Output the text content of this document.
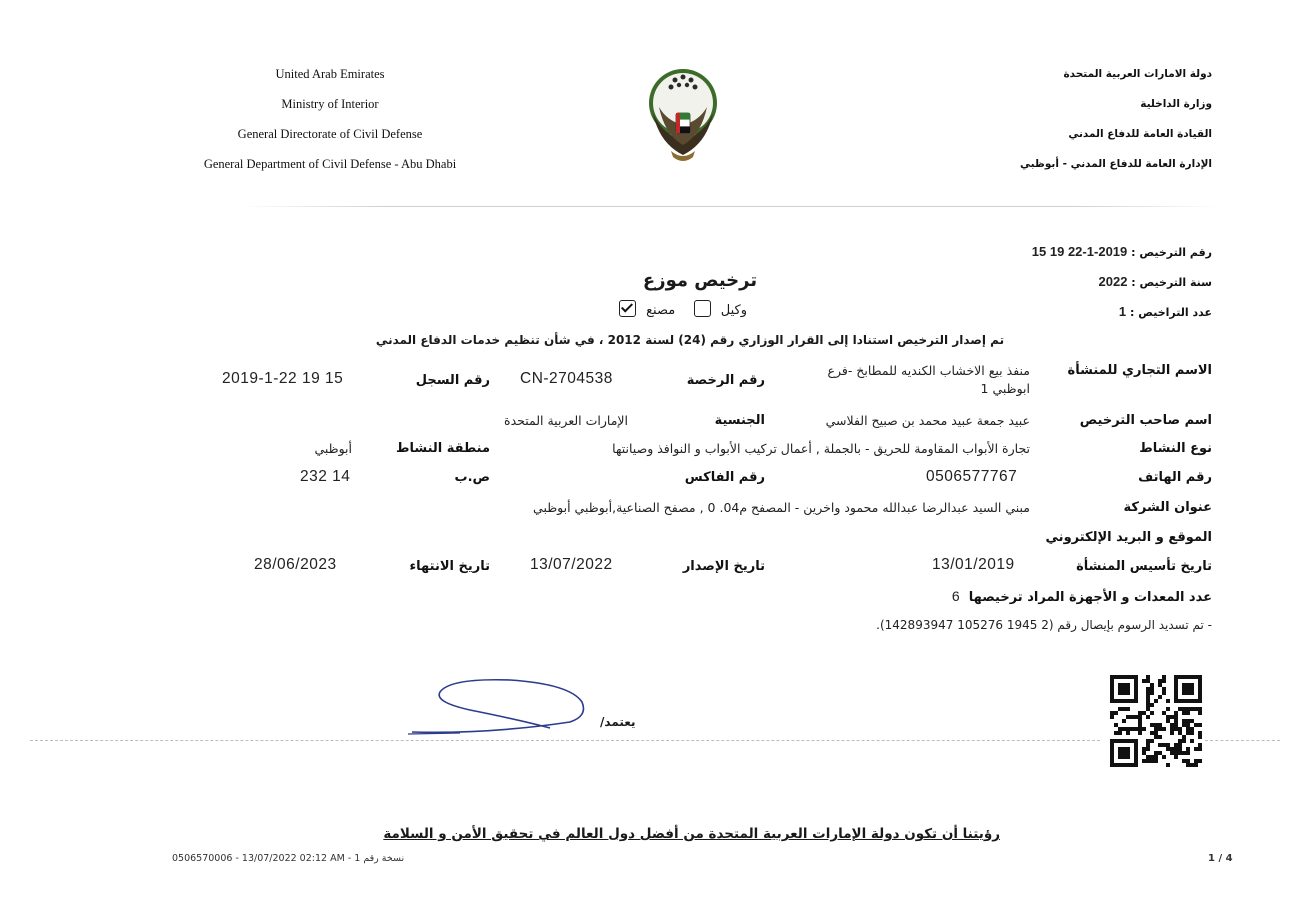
United Arab Emirates
Ministry of Interior
General Directorate of Civil Defense
General Department of Civil Defense - Abu Dhabi
دولة الامارات العربية المتحدة
وزارة الداخلية
القيادة العامة للدفاع المدني
الإدارة العامة للدفاع المدني - أبوظبي
رقم الترخيص : 2019-1-22 19 15
سنة الترخيص : 2022
عدد التراخيص : 1
ترخيص موزع
وكيل    مصنع
تم إصدار الترخيص استنادا إلى القرار الوزاري رقم (24) لسنة 2012 ، في شأن تنظيم خدمات الدفاع المدني
الاسم التجاري للمنشأة
منفذ بيع الاخشاب الكنديه للمطابخ -فرع
ابوظبي 1
رقم الرخصة
CN-2704538
رقم السجل
2019-1-22 19 15
اسم صاحب الترخيص
عبيد جمعة عبيد محمد بن صبيح الفلاسي
الجنسية
الإمارات العربية المتحدة
نوع النشاط
تجارة الأبواب المقاومة للحريق - بالجملة , أعمال تركيب الأبواب و النوافذ وصيانتها
منطقة النشاط
أبوظبي
رقم الهاتف
0506577767
رقم الفاكس
ص.ب
232 14
عنوان الشركة
مبني السيد عبدالرضا عبدالله محمود واخرين - المصفح م04. 0 , مصفح الصناعية,أبوظبي أبوظبي
الموقع و البريد الإلكتروني
تاريخ تأسيس المنشأة
13/01/2019
تاريخ الإصدار
13/07/2022
تاريخ الانتهاء
28/06/2023
عدد المعدات و الأجهزة المراد ترخيصها  6
- تم تسديد الرسوم بإيصال رقم (2 1945 105276 142893947).
يعتمد/
رؤيتنا أن تكون دولة الإمارات العربية المتحدة من أفضل دول العالم في تحقيق الأمن و السلامة
0506570006 - 13/07/2022 02:12 AM - نسخة رقم 1	1 / 4
